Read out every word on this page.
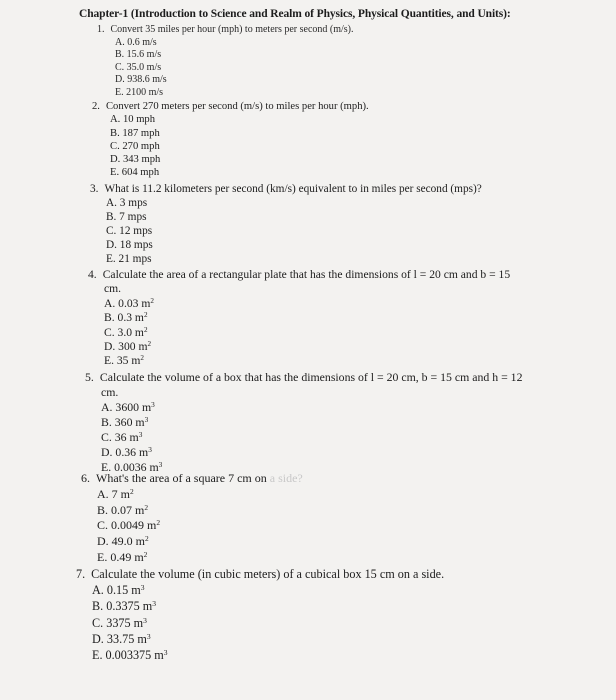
Chapter-1 (Introduction to Science and Realm of Physics, Physical Quantities, and Units):
1. Convert 35 miles per hour (mph) to meters per second (m/s).
A. 0.6 m/s
B. 15.6 m/s
C. 35.0 m/s
D. 938.6 m/s
E. 2100 m/s
2. Convert 270 meters per second (m/s) to miles per hour (mph).
A. 10 mph
B. 187 mph
C. 270 mph
D. 343 mph
E. 604 mph
3. What is 11.2 kilometers per second (km/s) equivalent to in miles per second (mps)?
A. 3 mps
B. 7 mps
C. 12 mps
D. 18 mps
E. 21 mps
4. Calculate the area of a rectangular plate that has the dimensions of l = 20 cm and b = 15
cm.
A. 0.03 $m^2$
B. 0.3 $m^2$
C. 3.0 $m^2$
D. 300 $m^2$
E. 35 $m^2$
5. Calculate the volume of a box that has the dimensions of l = 20 cm, b = 15 cm and h = 12
cm.
A. 3600 $m^3$
B. 360 $m^3$
C. 36 $m^3$
D. 0.36 $m^3$
E. 0.0036 $m^3$
6. What's the area of a square 7 cm on a side?
A. 7 $m^2$
B. 0.07 $m^2$
C. 0.0049 $m^2$
D. 49.0 $m^2$
E. 0.49 $m^2$
7. Calculate the volume (in cubic meters) of a cubical box 15 cm on a side.
A. 0.15 $m^3$
B. 0.3375 $m^3$
C. 3375 $m^3$
D. 33.75 $m^3$
E. 0.003375 $m^3$
